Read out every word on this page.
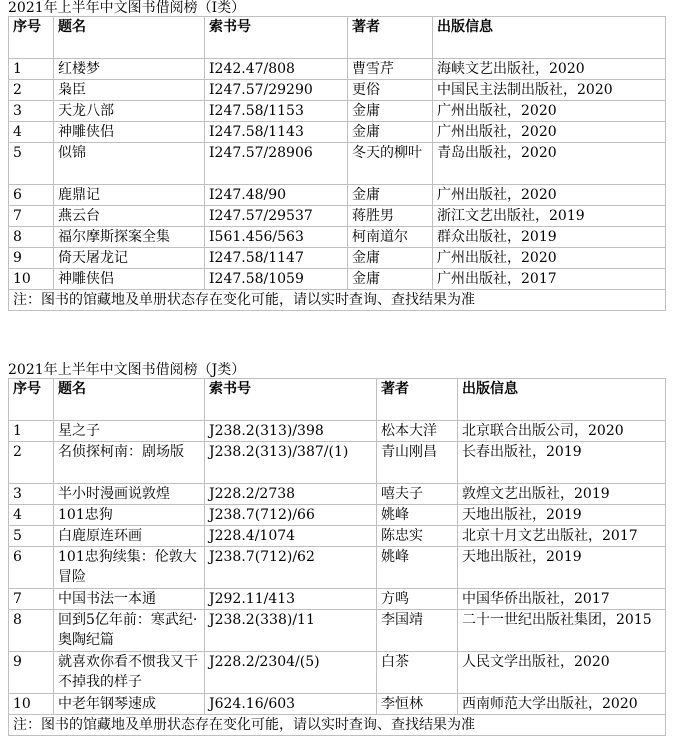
2021年上半年中文图书借阅榜（I类）
序号	题名	索书号	著者	出版信息
1	红楼梦	I242.47/808	曹雪芹	海峡文艺出版社，2020
2	枭臣	I247.57/29290	更俗	中国民主法制出版社，2020
3	天龙八部	I247.58/1153	金庸	广州出版社，2020
4	神雕侠侣	I247.58/1143	金庸	广州出版社，2020
5	似锦	I247.57/28906	冬天的柳叶	青岛出版社，2020
6	鹿鼎记	I247.48/90	金庸	广州出版社，2020
7	燕云台	I247.57/29537	蒋胜男	浙江文艺出版社，2019
8	福尔摩斯探案全集	I561.456/563	柯南道尔	群众出版社，2019
9	倚天屠龙记	I247.58/1147	金庸	广州出版社，2020
10	神雕侠侣	I247.58/1059	金庸	广州出版社，2017
注：图书的馆藏地及单册状态存在变化可能，请以实时查询、查找结果为准				
2021年上半年中文图书借阅榜（J类）
序号	题名	索书号	著者	出版信息
1	星之子	J238.2(313)/398	松本大洋	北京联合出版公司，2020
2	名侦探柯南：剧场版	J238.2(313)/387/(1)	青山刚昌	长春出版社，2019
3	半小时漫画说敦煌	J228.2/2738	嘻夫子	敦煌文艺出版社，2019
4	101忠狗	J238.7(712)/66	姚峰	天地出版社，2019
5	白鹿原连环画	J228.4/1074	陈忠实	北京十月文艺出版社，2017
6	101忠狗续集：伦敦大冒险	J238.7(712)/62	姚峰	天地出版社，2019
7	中国书法一本通	J292.11/413	方鸣	中国华侨出版社，2017
8	回到5亿年前：寒武纪·奥陶纪篇	J238.2(338)/11	李国靖	二十一世纪出版社集团，2015
9	就喜欢你看不惯我又干不掉我的样子	J228.2/2304/(5)	白茶	人民文学出版社，2020
10	中老年钢琴速成	J624.16/603	李恒林	西南师范大学出版社，2020
注：图书的馆藏地及单册状态存在变化可能，请以实时查询、查找结果为准				
